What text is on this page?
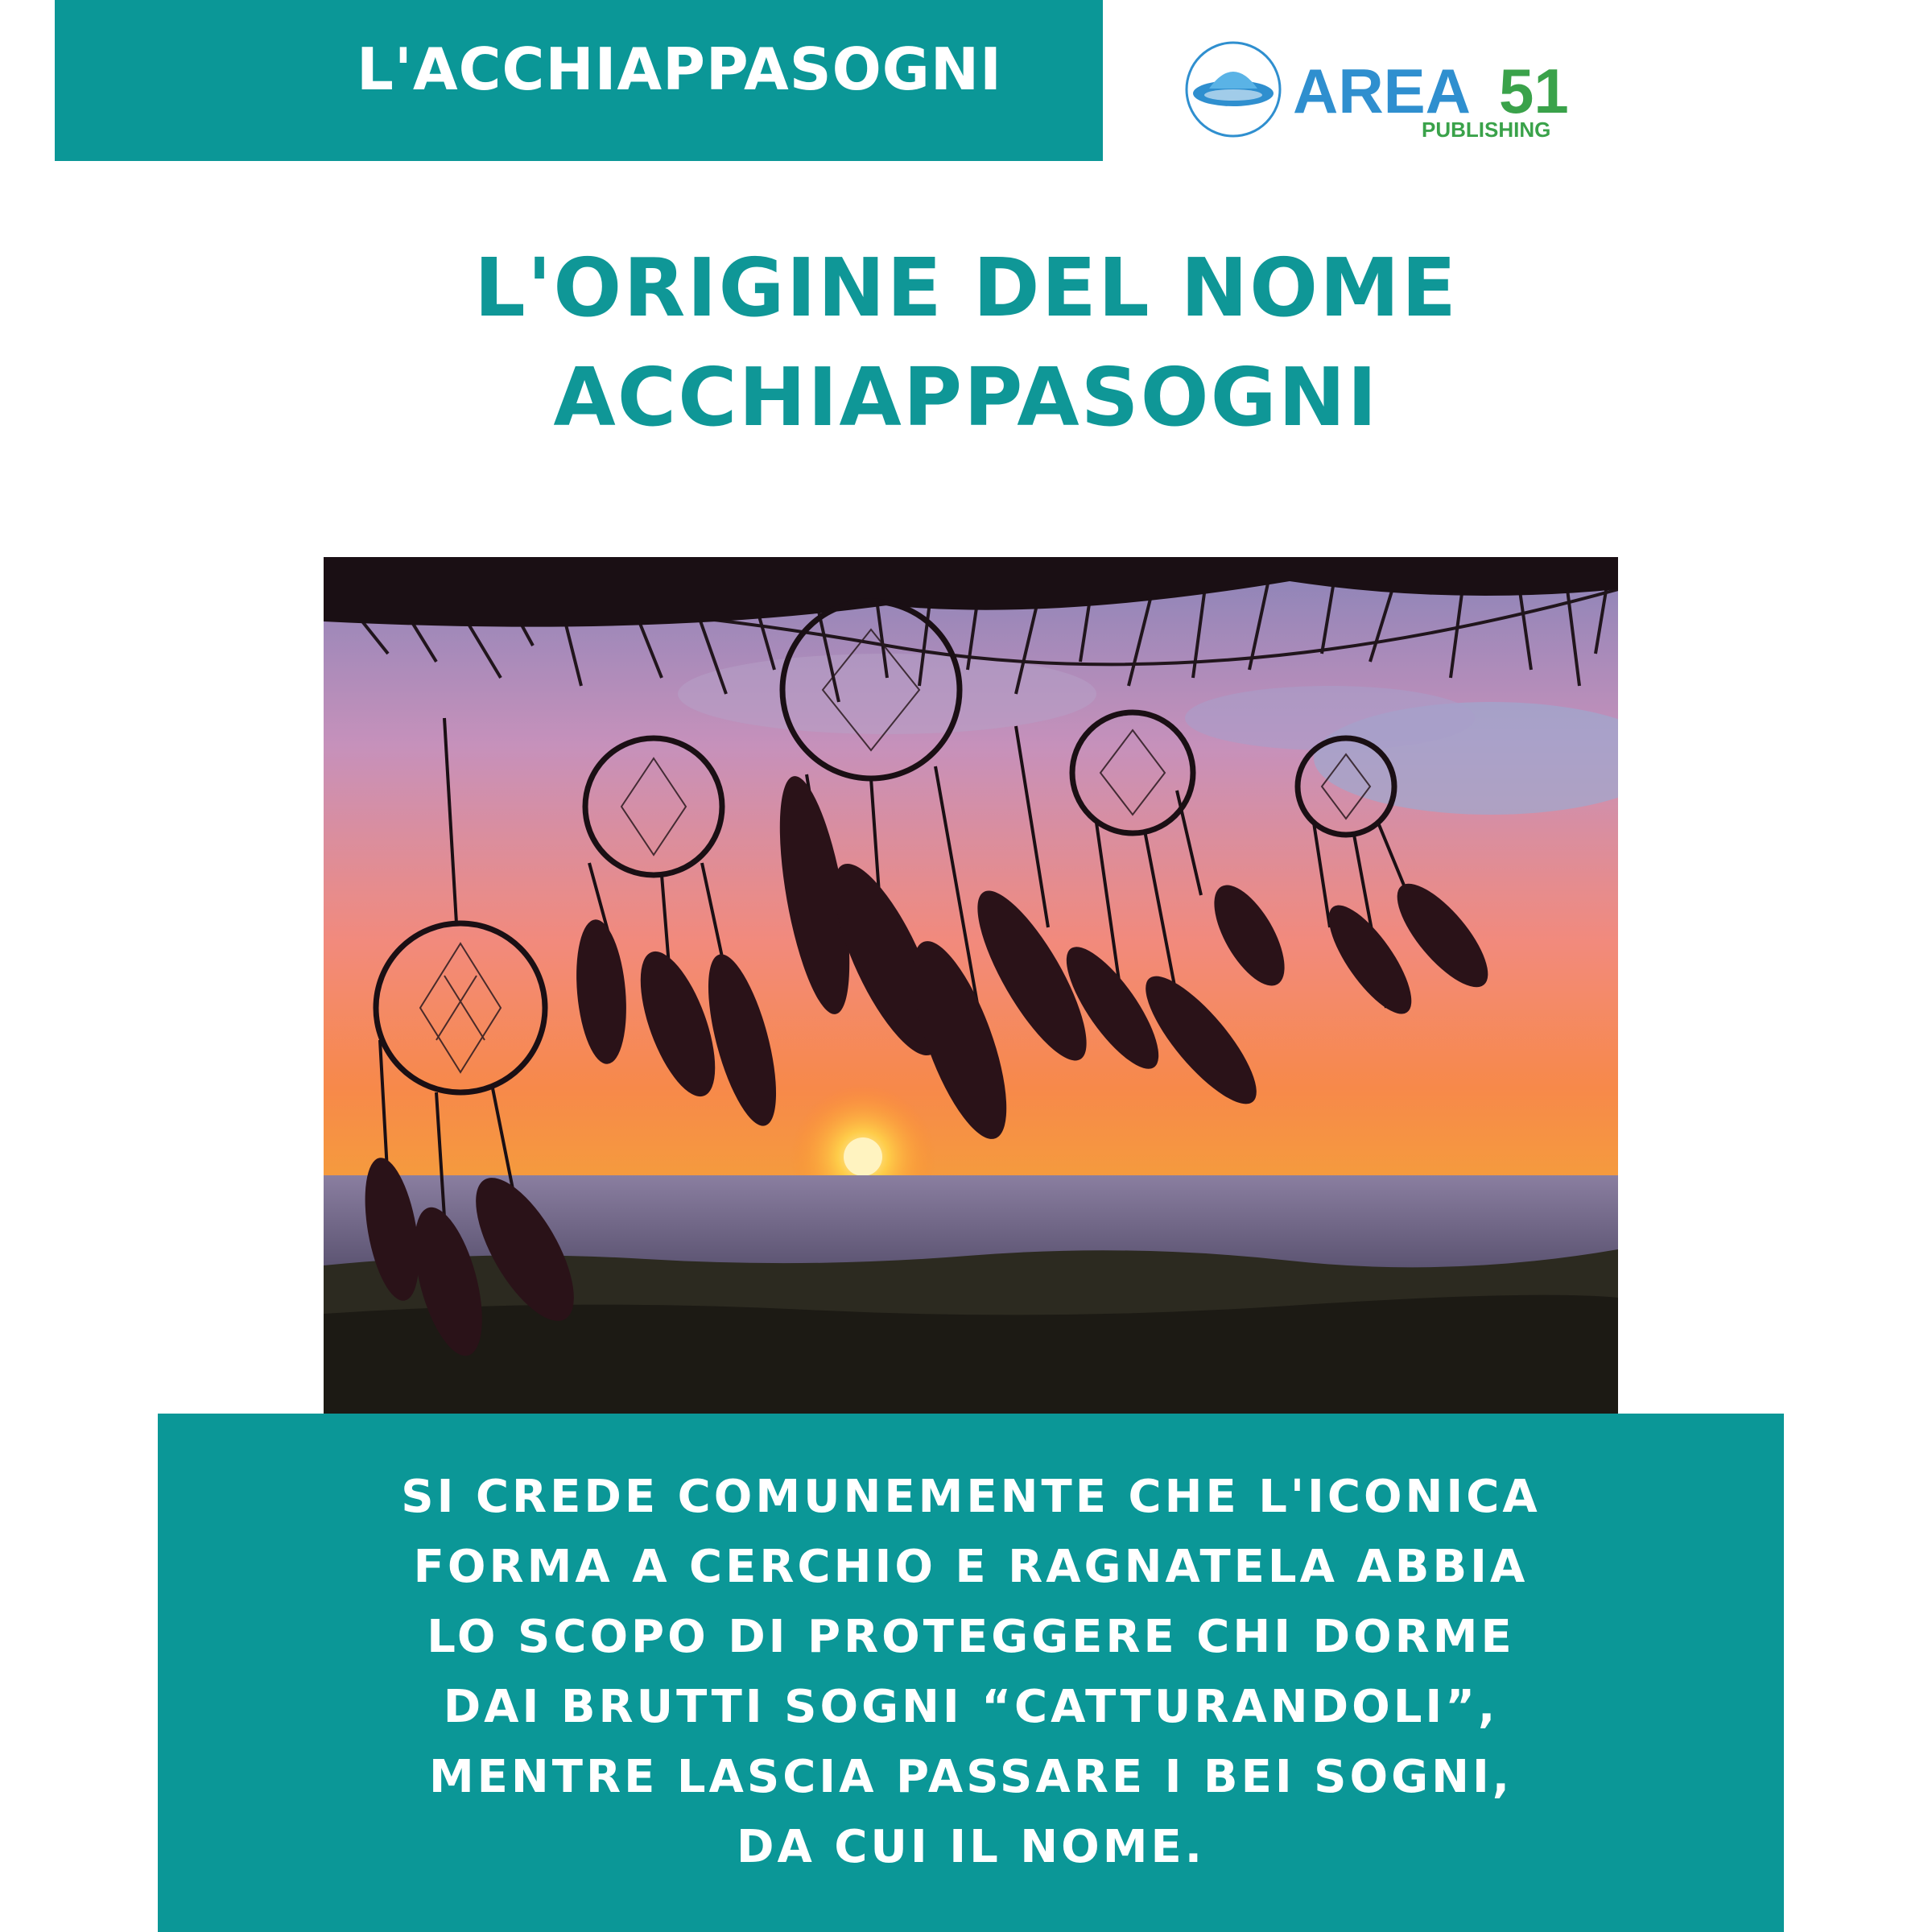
L'ACCHIAPPASOGNI	AREA 51
PUBLISHING
L'ORIGINE DEL NOME
ACCHIAPPASOGNI
SI CREDE COMUNEMENTE CHE L'ICONICA
FORMA A CERCHIO E RAGNATELA ABBIA
LO SCOPO DI PROTEGGERE CHI DORME
DAI BRUTTI SOGNI “CATTURANDOLI”,
MENTRE LASCIA PASSARE I BEI SOGNI,
DA CUI IL NOME.
